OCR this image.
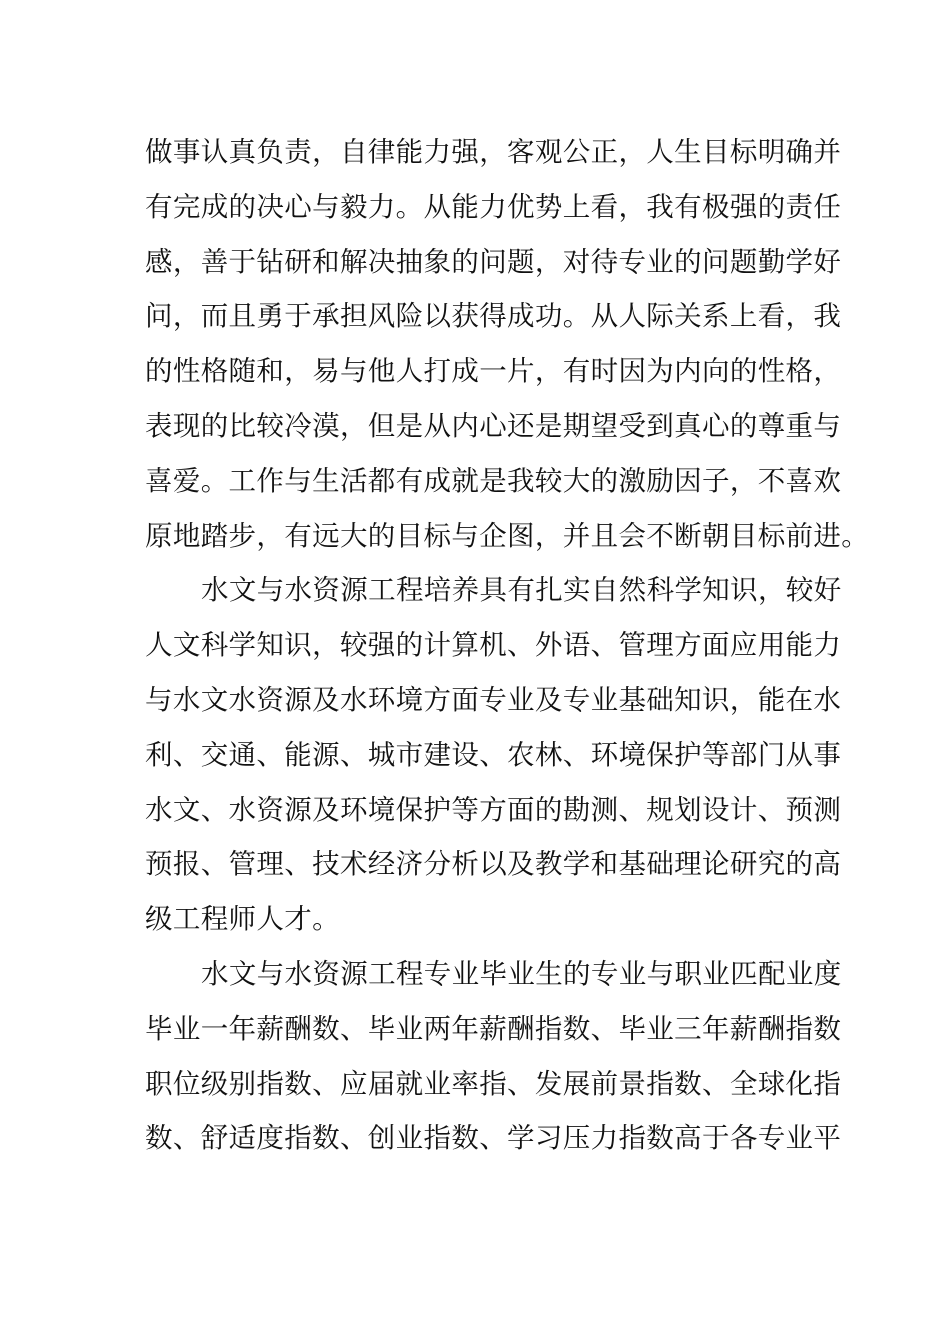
做事认真负责，自律能力强，客观公正，人生目标明确并
有完成的决心与毅力。从能力优势上看，我有极强的责任
感，善于钻研和解决抽象的问题，对待专业的问题勤学好
问，而且勇于承担风险以获得成功。从人际关系上看，我
的性格随和，易与他人打成一片，有时因为内向的性格，
表现的比较冷漠，但是从内心还是期望受到真心的尊重与
喜爱。工作与生活都有成就是我较大的激励因子，不喜欢
原地踏步，有远大的目标与企图，并且会不断朝目标前进。
水文与水资源工程培养具有扎实自然科学知识，较好
人文科学知识，较强的计算机、外语、管理方面应用能力
与水文水资源及水环境方面专业及专业基础知识，能在水
利、交通、能源、城市建设、农林、环境保护等部门从事
水文、水资源及环境保护等方面的勘测、规划设计、预测
预报、管理、技术经济分析以及教学和基础理论研究的高
级工程师人才。
水文与水资源工程专业毕业生的专业与职业匹配业度
毕业一年薪酬数、毕业两年薪酬指数、毕业三年薪酬指数
职位级别指数、应届就业率指、发展前景指数、全球化指
数、舒适度指数、创业指数、学习压力指数高于各专业平
